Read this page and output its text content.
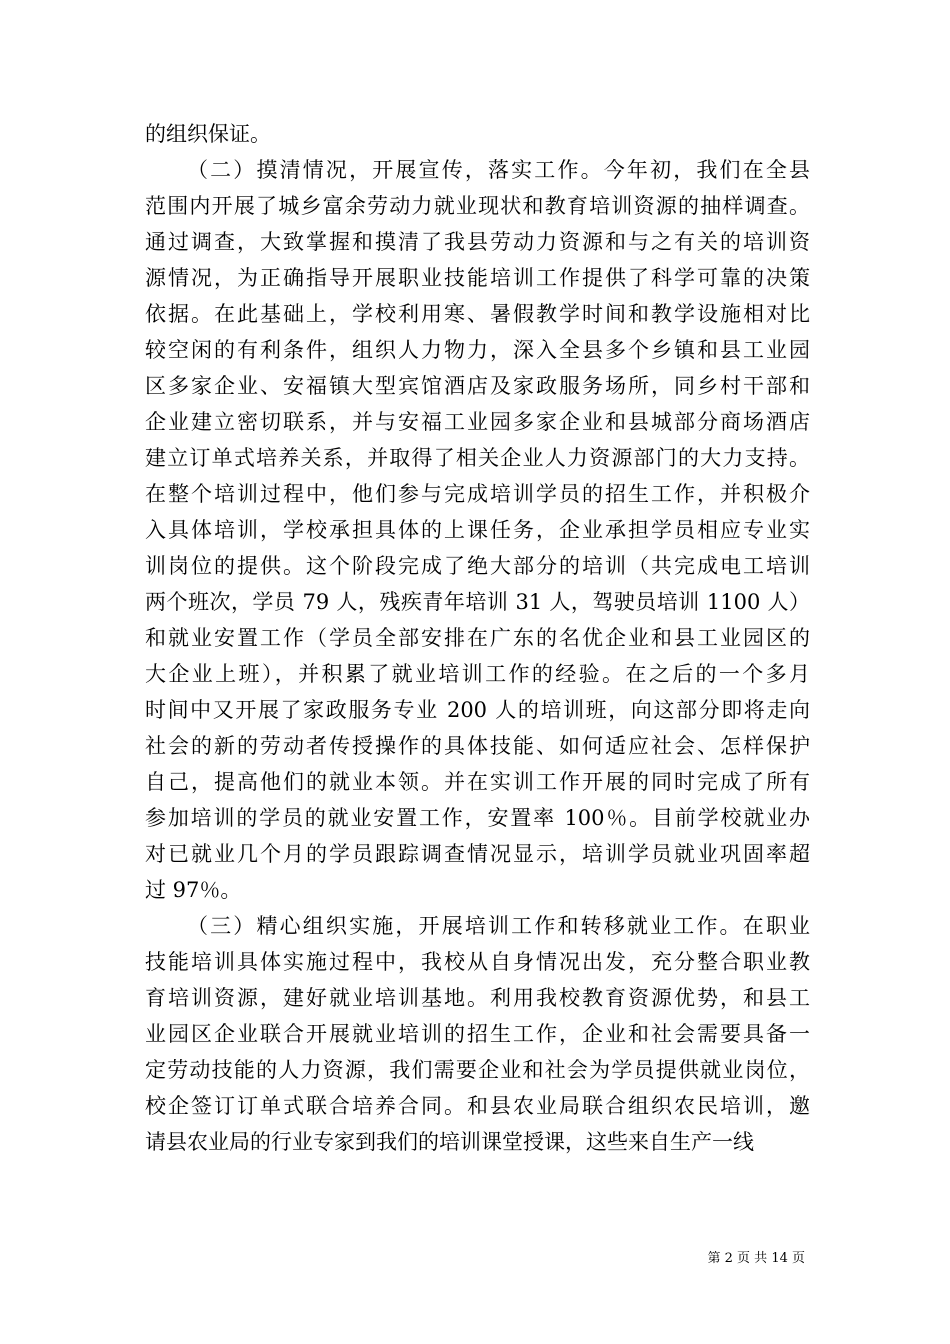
的组织保证。
（二）摸清情况，开展宣传，落实工作。今年初，我们在全县
范围内开展了城乡富余劳动力就业现状和教育培训资源的抽样调查。
通过调查，大致掌握和摸清了我县劳动力资源和与之有关的培训资
源情况，为正确指导开展职业技能培训工作提供了科学可靠的决策
依据。在此基础上，学校利用寒、暑假教学时间和教学设施相对比
较空闲的有利条件，组织人力物力，深入全县多个乡镇和县工业园
区多家企业、安福镇大型宾馆酒店及家政服务场所，同乡村干部和
企业建立密切联系，并与安福工业园多家企业和县城部分商场酒店
建立订单式培养关系，并取得了相关企业人力资源部门的大力支持。
在整个培训过程中，他们参与完成培训学员的招生工作，并积极介
入具体培训，学校承担具体的上课任务，企业承担学员相应专业实
训岗位的提供。这个阶段完成了绝大部分的培训（共完成电工培训
两个班次，学员 79 人，残疾青年培训 31 人，驾驶员培训 1100 人）
和就业安置工作（学员全部安排在广东的名优企业和县工业园区的
大企业上班），并积累了就业培训工作的经验。在之后的一个多月
时间中又开展了家政服务专业 200 人的培训班，向这部分即将走向
社会的新的劳动者传授操作的具体技能、如何适应社会、怎样保护
自己，提高他们的就业本领。并在实训工作开展的同时完成了所有
参加培训的学员的就业安置工作，安置率 100％。目前学校就业办
对已就业几个月的学员跟踪调查情况显示，培训学员就业巩固率超
过 97％。
（三）精心组织实施，开展培训工作和转移就业工作。在职业
技能培训具体实施过程中，我校从自身情况出发，充分整合职业教
育培训资源，建好就业培训基地。利用我校教育资源优势，和县工
业园区企业联合开展就业培训的招生工作，企业和社会需要具备一
定劳动技能的人力资源，我们需要企业和社会为学员提供就业岗位，
校企签订订单式联合培养合同。和县农业局联合组织农民培训，邀
请县农业局的行业专家到我们的培训课堂授课，这些来自生产一线
第 2 页 共 14 页
